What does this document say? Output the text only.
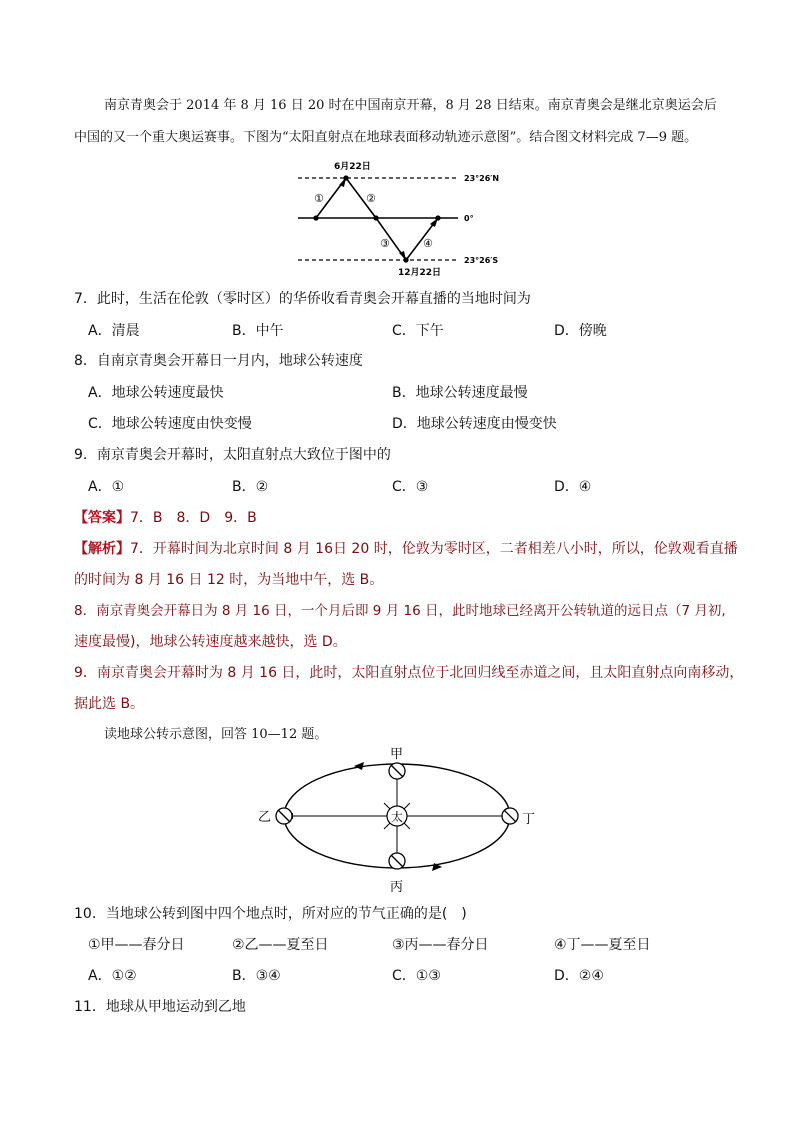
南京青奥会于 2014 年 8 月 16 日 20 时在中国南京开幕，8 月 28 日结束。南京青奥会是继北京奥运会后
中国的又一个重大奥运赛事。下图为“太阳直射点在地球表面移动轨迹示意图”。结合图文材料完成 7—9 题。
6月22日
12月22日
23°26′N
0°
23°26′S
①	②
③	④
7．此时，生活在伦敦（零时区）的华侨收看青奥会开幕直播的当地时间为
A．清晨	B．中午	C．下午	D．傍晚
8．自南京青奥会开幕日一月内，地球公转速度
A．地球公转速度最快	B．地球公转速度最慢
C．地球公转速度由快变慢	D．地球公转速度由慢变快
9．南京青奥会开幕时，太阳直射点大致位于图中的
A．①	B．②	C．③	D．④
【答案】7．B　8．D　9．B
【解析】7．开幕时间为北京时间 8 月 16日 20 时，伦敦为零时区，二者相差八小时，所以，伦敦观看直播
的时间为 8 月 16 日 12 时，为当地中午，选 B。
8．南京青奥会开幕日为 8 月 16 日，一个月后即 9 月 16 日，此时地球已经离开公转轨道的远日点（7 月初,
速度最慢)，地球公转速度越来越快，选 D。
9．南京青奥会开幕时为 8 月 16 日，此时，太阳直射点位于北回归线至赤道之间，且太阳直射点向南移动，
据此选 B。
读地球公转示意图，回答 10—12 题。
太
甲
丙
乙	丁
10．当地球公转到图中四个地点时，所对应的节气正确的是(　)
①甲——春分日	②乙——夏至日	③丙——春分日	④丁——夏至日
A．①②	B．③④	C．①③	D．②④
11．地球从甲地运动到乙地
